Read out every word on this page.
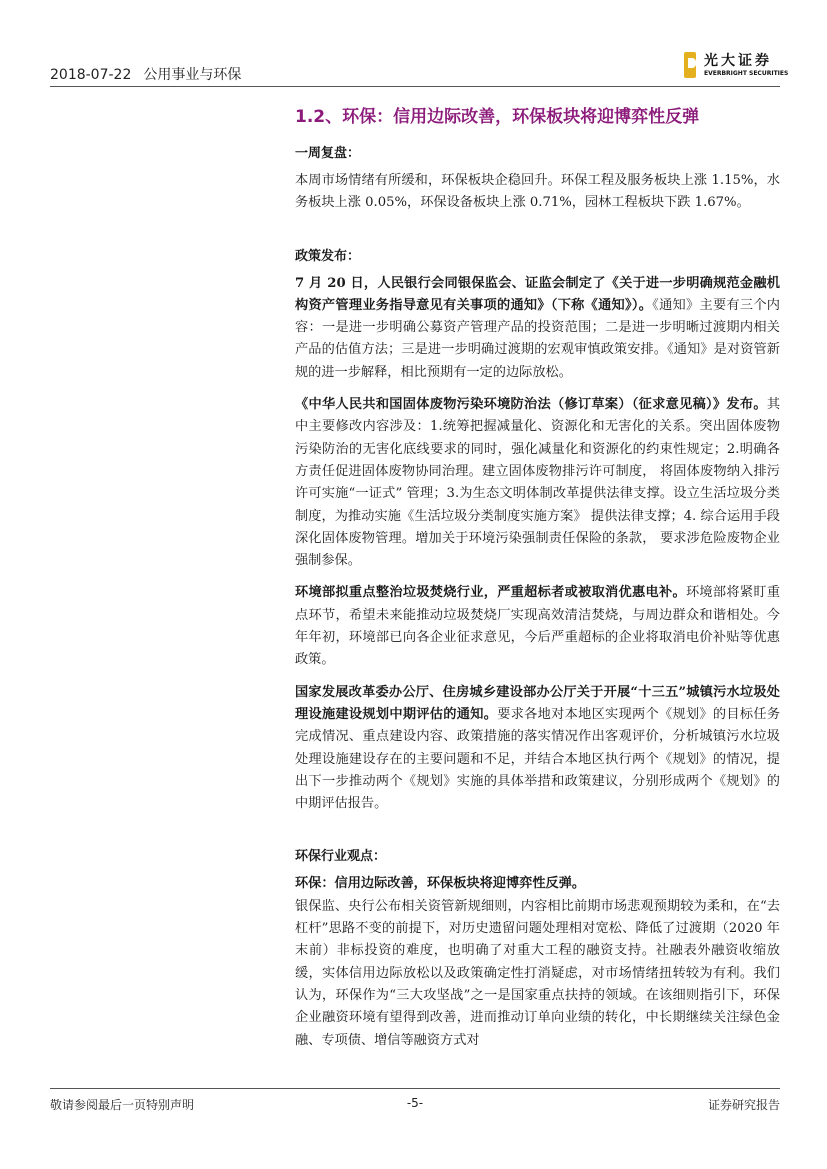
2018-07-22 公用事业与环保
光大证券
EVERBRIGHT SECURITIES
1.2、环保：信用边际改善，环保板块将迎博弈性反弹
一周复盘：

本周市场情绪有所缓和，环保板块企稳回升。环保工程及服务板块上涨 1.15%，水务板块上涨 0.05%，环保设备板块上涨 0.71%，园林工程板块下跌 1.67%。

政策发布：

7 月 20 日，人民银行会同银保监会、证监会制定了《关于进一步明确规范金融机构资产管理业务指导意见有关事项的通知》（下称《通知》）。《通知》主要有三个内容：一是进一步明确公募资产管理产品的投资范围；二是进一步明晰过渡期内相关产品的估值方法；三是进一步明确过渡期的宏观审慎政策安排。《通知》是对资管新规的进一步解释，相比预期有一定的边际放松。

《中华人民共和国固体废物污染环境防治法（修订草案）（征求意见稿）》发布。其中主要修改内容涉及：1.统筹把握减量化、资源化和无害化的关系。突出固体废物污染防治的无害化底线要求的同时，强化减量化和资源化的约束性规定；2.明确各方责任促进固体废物协同治理。建立固体废物排污许可制度， 将固体废物纳入排污许可实施“一证式” 管理；3.为生态文明体制改革提供法律支撑。设立生活垃圾分类制度，为推动实施《生活垃圾分类制度实施方案》 提供法律支撑；4. 综合运用手段深化固体废物管理。增加关于环境污染强制责任保险的条款， 要求涉危险废物企业强制参保。

环境部拟重点整治垃圾焚烧行业，严重超标者或被取消优惠电补。环境部将紧盯重点环节，希望未来能推动垃圾焚烧厂实现高效清洁焚烧，与周边群众和谐相处。今年年初，环境部已向各企业征求意见，今后严重超标的企业将取消电价补贴等优惠政策。

国家发展改革委办公厅、住房城乡建设部办公厅关于开展“十三五”城镇污水垃圾处理设施建设规划中期评估的通知。要求各地对本地区实现两个《规划》的目标任务完成情况、重点建设内容、政策措施的落实情况作出客观评价，分析城镇污水垃圾处理设施建设存在的主要问题和不足，并结合本地区执行两个《规划》的情况，提出下一步推动两个《规划》实施的具体举措和政策建议，分别形成两个《规划》的中期评估报告。

环保行业观点：

环保：信用边际改善，环保板块将迎博弈性反弹。
银保监、央行公布相关资管新规细则，内容相比前期市场悲观预期较为柔和，在“去杠杆”思路不变的前提下，对历史遗留问题处理相对宽松、降低了过渡期（2020 年末前）非标投资的难度，也明确了对重大工程的融资支持。社融表外融资收缩放缓，实体信用边际放松以及政策确定性打消疑虑，对市场情绪扭转较为有利。我们认为，环保作为“三大攻坚战”之一是国家重点扶持的领域。在该细则指引下，环保企业融资环境有望得到改善，进而推动订单向业绩的转化，中长期继续关注绿色金融、专项债、增信等融资方式对

敬请参阅最后一页特别声明	-5-	证券研究报告
